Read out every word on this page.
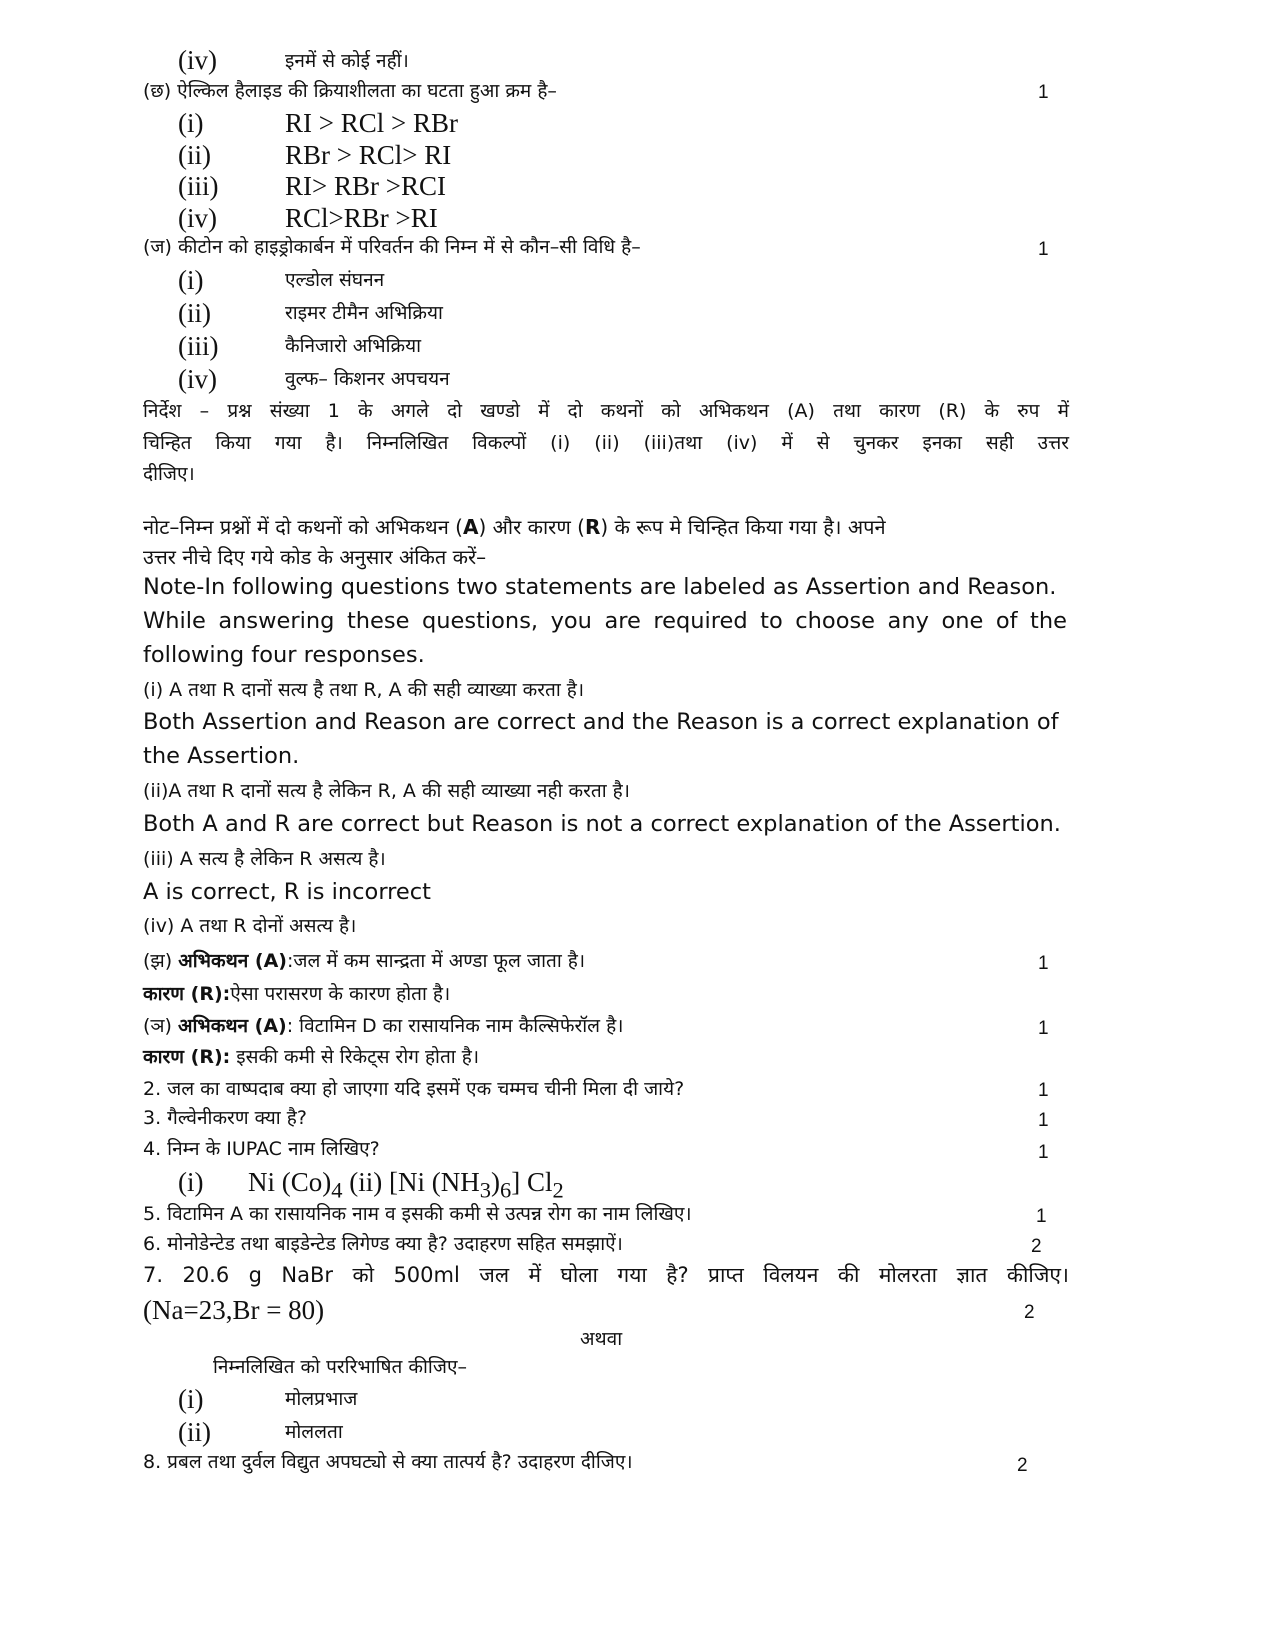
(iv)	इनमें से कोई नहीं।
(छ) ऐल्किल हैलाइड की क्रियाशीलता का घटता हुआ क्रम है–	1
(i)	RI > RCl > RBr
(ii)	RBr > RCl> RI
(iii) RI> RBr >RCI
(iv)	RCl>RBr >RI
(ज) कीटोन को हाइड्रोकार्बन में परिवर्तन की निम्न में से कौन–सी विधि है–	1
(i)	एल्डोल संघनन
(ii)	राइमर टीमैन अभिक्रिया
(iii)	कैनिजारो अभिक्रिया
(iv)	वुल्फ– किशनर अपचयन
निर्देश – प्रश्न संख्या 1 के अगले दो खण्डो में दो कथनों को अभिकथन (A) तथा कारण (R) के रुप में
चिन्हित किया गया है। निम्नलिखित विकल्पों (i) (ii) (iii)तथा (iv) में से चुनकर इनका सही उत्तर
दीजिए।
नोट–निम्न प्रश्नों में दो कथनों को अभिकथन (A) और कारण (R) के रूप मे चिन्हित किया गया है। अपने
उत्तर नीचे दिए गये कोड के अनुसार अंकित करें–
Note-In following questions two statements are labeled as Assertion and Reason.
While answering these questions, you are required to choose any one of the
following four responses.
(i) A तथा R दानों सत्य है तथा R, A की सही व्याख्या करता है।
Both Assertion and Reason are correct and the Reason is a correct explanation of
the Assertion.
(ii)A तथा R दानों सत्य है लेकिन R, A की सही व्याख्या नही करता है।
Both A and R are correct but Reason is not a correct explanation of the Assertion.
(iii) A सत्य है लेकिन R असत्य है।
A is correct, R is incorrect
(iv) A तथा R दोनों असत्य है।
(झ) अभिकथन (A):जल में कम सान्द्रता में अण्डा फूल जाता है।	1
कारण (R):ऐसा परासरण के कारण होता है।
(ञ) अभिकथन (A): विटामिन D का रासायनिक नाम कैल्सिफेरॉल है।	1
कारण (R): इसकी कमी से रिकेट्स रोग होता है।
2. जल का वाष्पदाब क्या हो जाएगा यदि इसमें एक चम्मच चीनी मिला दी जाये?	1
3. गैल्वेनीकरण क्या है?	1
4. निम्न के IUPAC नाम लिखिए?	1
(i) Ni $(Co)_4$ (ii) [Ni $(NH_3)_6$] $Cl_2$
5. विटामिन A का रासायनिक नाम व इसकी कमी से उत्पन्न रोग का नाम लिखिए।	1
6. मोनोडेन्टेड तथा बाइडेन्टेड लिगेण्ड क्या है? उदाहरण सहित समझाऐं।	2
7. 20.6 g NaBr को 500ml जल में घोला गया है? प्राप्त विलयन की मोलरता ज्ञात कीजिए।
(Na=23,Br = 80)	2
अथवा
निम्नलिखित को पररिभाषित कीजिए–
(i)	मोलप्रभाज
(ii)	मोललता
8. प्रबल तथा दुर्वल विद्युत अपघट्यो से क्या तात्पर्य है? उदाहरण दीजिए।	2
